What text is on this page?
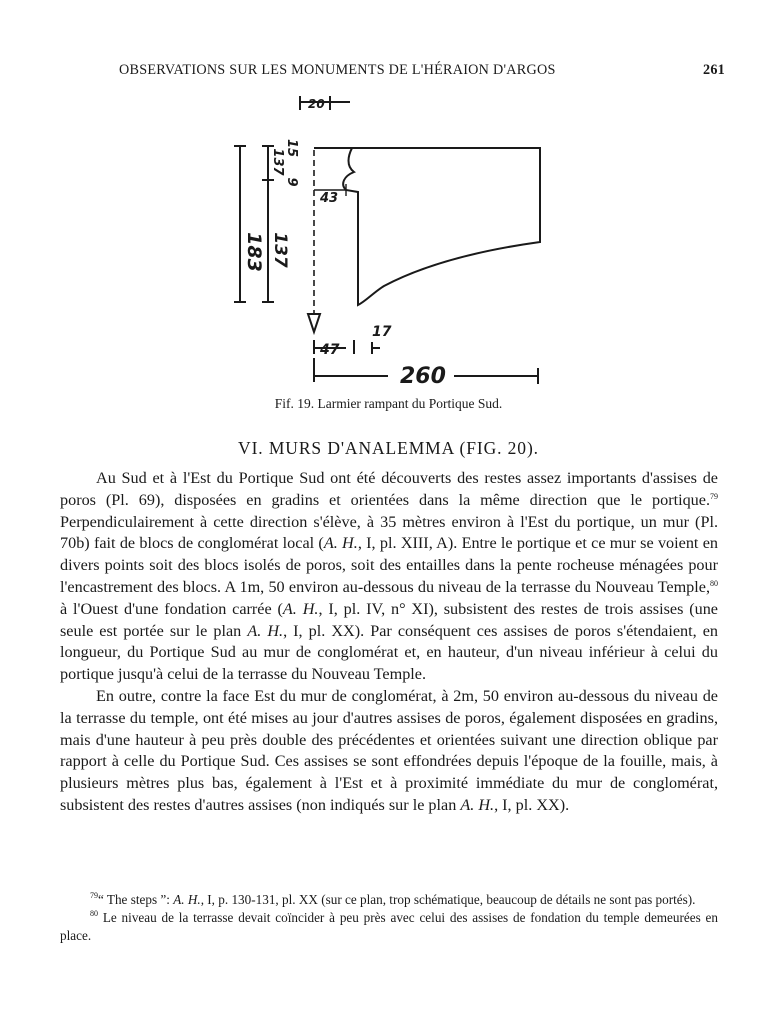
OBSERVATIONS SUR LES MONUMENTS DE L'HÉRAION D'ARGOS	261
20
183 137
137
15
9
43
47
17
260
Fif. 19. Larmier rampant du Portique Sud.
VI. MURS D'ANALEMMA (FIG. 20).

Au Sud et à l'Est du Portique Sud ont été découverts des restes assez importants d'assises de poros (Pl. 69), disposées en gradins et orientées dans la même direction que le portique.$^{79}$ Perpendiculairement à cette direction s'élève, à 35 mètres environ à l'Est du portique, un mur (Pl. 70b) fait de blocs de conglomérat local (A. H., I, pl. XIII, A). Entre le portique et ce mur se voient en divers points soit des blocs isolés de poros, soit des entailles dans la pente rocheuse ménagées pour l'encastrement des blocs. A 1m, 50 environ au-dessous du niveau de la terrasse du Nouveau Temple,$^{80}$ à l'Ouest d'une fondation carrée (A. H., I, pl. IV, n° XI), subsistent des restes de trois assises (une seule est portée sur le plan A. H., I, pl. XX). Par conséquent ces assises de poros s'étendaient, en longueur, du Portique Sud au mur de conglomérat et, en hauteur, d'un niveau inférieur à celui du portique jusqu'à celui de la terrasse du Nouveau Temple.

En outre, contre la face Est du mur de conglomérat, à 2m, 50 environ au-dessous du niveau de la terrasse du temple, ont été mises au jour d'autres assises de poros, également disposées en gradins, mais d'une hauteur à peu près double des précédentes et orientées suivant une direction oblique par rapport à celle du Portique Sud. Ces assises se sont effondrées depuis l'époque de la fouille, mais, à plusieurs mètres plus bas, également à l'Est et à proximité immédiate du mur de conglomérat, subsistent des restes d'autres assises (non indiqués sur le plan A. H., I, pl. XX).

$^{79}$“ The steps ”: A. H., I, p. 130-131, pl. XX (sur ce plan, trop schématique, beaucoup de détails ne sont pas portés).

$^{80}$ Le niveau de la terrasse devait coïncider à peu près avec celui des assises de fondation du temple demeurées en place.
